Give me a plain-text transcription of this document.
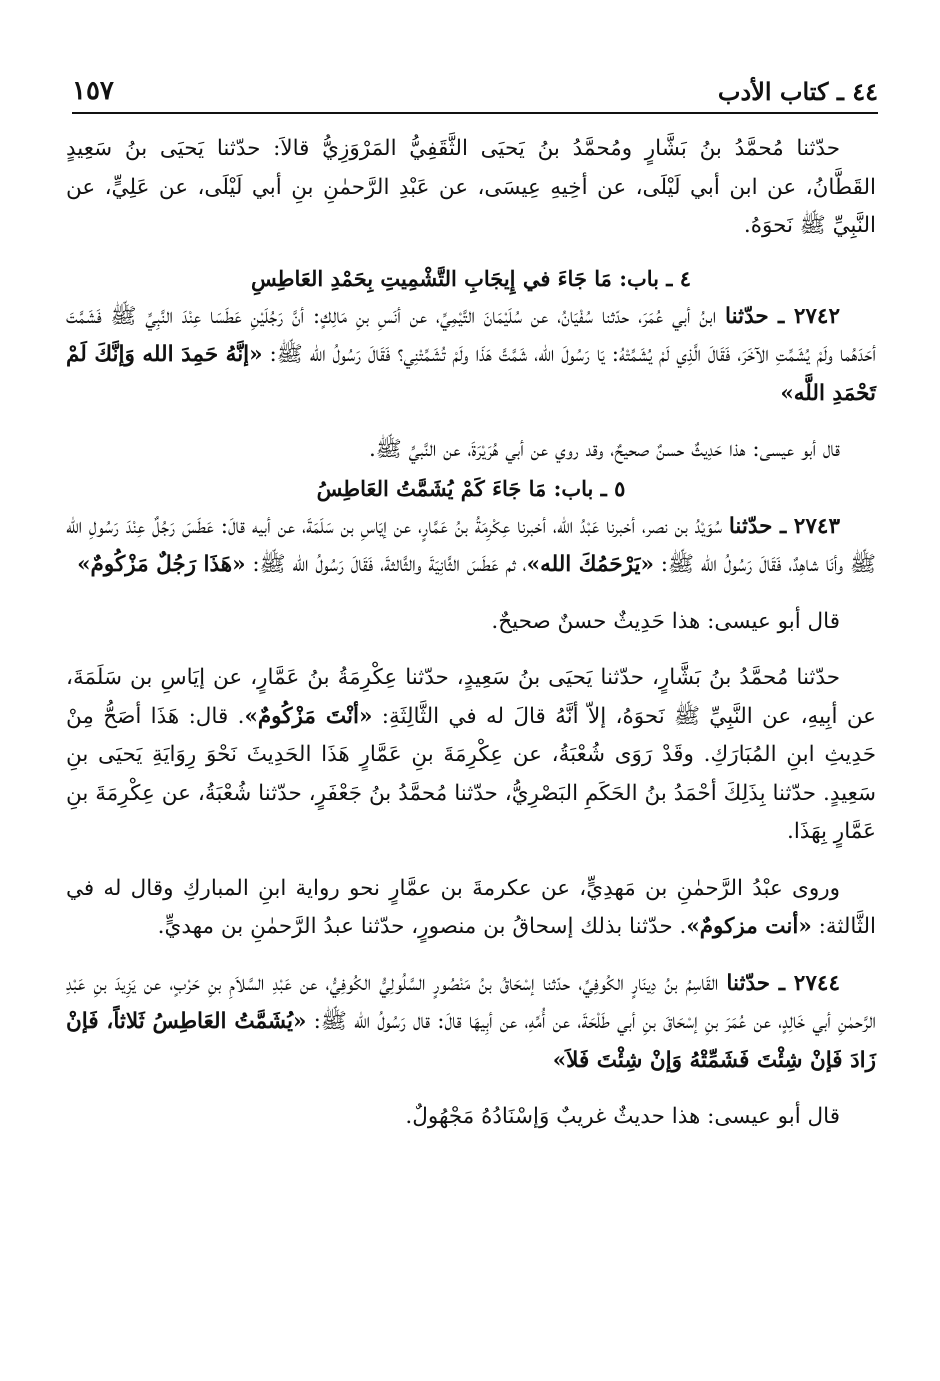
٤٤ ـ كتاب الأدب
١٥٧

حدّثنا مُحمَّدُ بنُ بَشَّارٍ ومُحمَّدُ بنُ يَحيَى الثَّقَفِيُّ المَرْوَزِيُّ قالاَ: حدّثنا يَحيَى بنُ سَعِيدٍ القَطَّانُ، عن ابن أبي لَيْلَى، عن أخِيهِ عِيسَى، عن عَبْدِ الرَّحمٰنِ بنِ أبي لَيْلَى، عن عَلِيٍّ، عن النَّبِيِّ ﷺ نَحوَهُ.

٤ ـ باب: مَا جَاءَ في إِيجَابِ التَّشْمِيتِ بِحَمْدِ العَاطِسِ

٢٧٤٢ ـ حدّثنا ابنُ أبي عُمَرَ، حدّثنا سُفْيَانُ، عن سُلَيْمَانَ التَّيْمِيِّ، عن أنَسِ بنِ مَالِكٍ: أنَّ رَجُلَيْنِ عَطَسَا عِنْدَ النَّبِيِّ ﷺ فَشَمَّتَ أحَدَهُما ولَمْ يُشَمِّتِ الآخَرَ، فَقَالَ الَّذِي لَمْ يُشَمِّتْهُ: يَا رَسُولَ الله، شَمَّتَّ هَذَا ولَمْ تُشَمِّتْنِي؟ فَقَالَ رَسُولُ الله ﷺ: «إنَّهُ حَمِدَ الله وَإنَّكَ لَمْ تَحْمَدِ اللَّه»

قال أبو عيسى: هذا حَدِيثٌ حسنٌ صحيحٌ، وقد روي عن أبي هُرَيْرَةَ، عن النَّبيِّ ﷺ.

٥ ـ باب: مَا جَاءَ كَمْ يُشَمَّتُ العَاطِسُ

٢٧٤٣ ـ حدّثنا سُوَيْدُ بن نصر، أخبرنا عَبْدُ الله، أخبرنا عِكْرِمَةُ بنُ عَمَّارٍ، عن إيَاسِ بن سَلَمَةَ، عن أبيه قالَ: عَطَسَ رَجُلٌ عِنْدَ رَسُولِ الله ﷺ وأنَا شاهِدٌ، فَقَالَ رَسُولُ الله ﷺ: «يَرْحَمُكَ الله»، ثم عَطَسَ الثَّانِيَةَ والثَّالثةَ، فَقَالَ رَسُولُ الله ﷺ: «هَذَا رَجُلٌ مَزْكُومٌ»

قال أبو عيسى: هذا حَدِيثٌ حسنٌ صحيحٌ.

حدّثنا مُحمَّدُ بنُ بَشَّارٍ، حدّثنا يَحيَى بنُ سَعِيدٍ، حدّثنا عِكْرِمَةُ بنُ عَمَّارٍ، عن إيَاسِ بن سَلَمَةَ، عن أبِيهِ، عن النَّبِيِّ ﷺ نَحوَهُ، إلاّ أنَّهُ قالَ له في الثَّالِثَةِ: «أنْتَ مَزْكُومٌ». قال: هَذَا أصَحُّ مِنْ حَدِيثِ ابنِ المُبَارَكِ. وقَدْ رَوَى شُعْبَةُ، عن عِكْرِمَةَ بنِ عَمَّارٍ هَذَا الحَدِيثَ نَحْوَ رِوَايَةِ يَحيَى بنِ سَعِيدٍ. حدّثنا بِذَلِكَ أحْمَدُ بنُ الحَكَمِ البَصْرِيُّ، حدّثنا مُحمَّدُ بنُ جَعْفَرٍ، حدّثنا شُعْبَةُ، عن عِكْرِمَةَ بنِ عَمَّارٍ بِهَذَا.

وروى عبْدُ الرَّحمٰنِ بن مَهدِيٍّ، عن عكرمةَ بن عمَّارٍ نحو رواية ابنِ المباركِ وقال له في الثَّالثة: «أنت مزكومٌ». حدّثنا بذلك إسحاقُ بن منصورٍ، حدّثنا عبدُ الرَّحمٰنِ بن مهديٍّ.

٢٧٤٤ ـ حدّثنا القَاسِمُ بنُ دِينَارٍ الكُوفِيِّ، حدّثنا إسْحَاقُ بنُ مَنْصُورٍ السَّلُولِيُّ الكُوفِيُّ، عن عَبْدِ السَّلاَمِ بنِ حَرْبٍ، عن يَزِيدَ بنِ عَبْدِ الرَّحمٰنِ أبي خَالِدٍ، عن عُمَرَ بنِ إسْحَاقَ بنِ أبي طَلْحَةَ، عن أُمِّهِ، عن أبِيهَا قالَ: قال رَسُولُ الله ﷺ: «يُشَمَّتُ العَاطِسُ ثَلاثاً، فَإنْ زَادَ فَإنْ شِئْتَ فَشَمِّتْهُ وَإنْ شِئْتَ فَلاَ»

قال أبو عيسى: هذا حديثٌ غريبٌ وَإسْنَادُهُ مَجْهُولٌ.
